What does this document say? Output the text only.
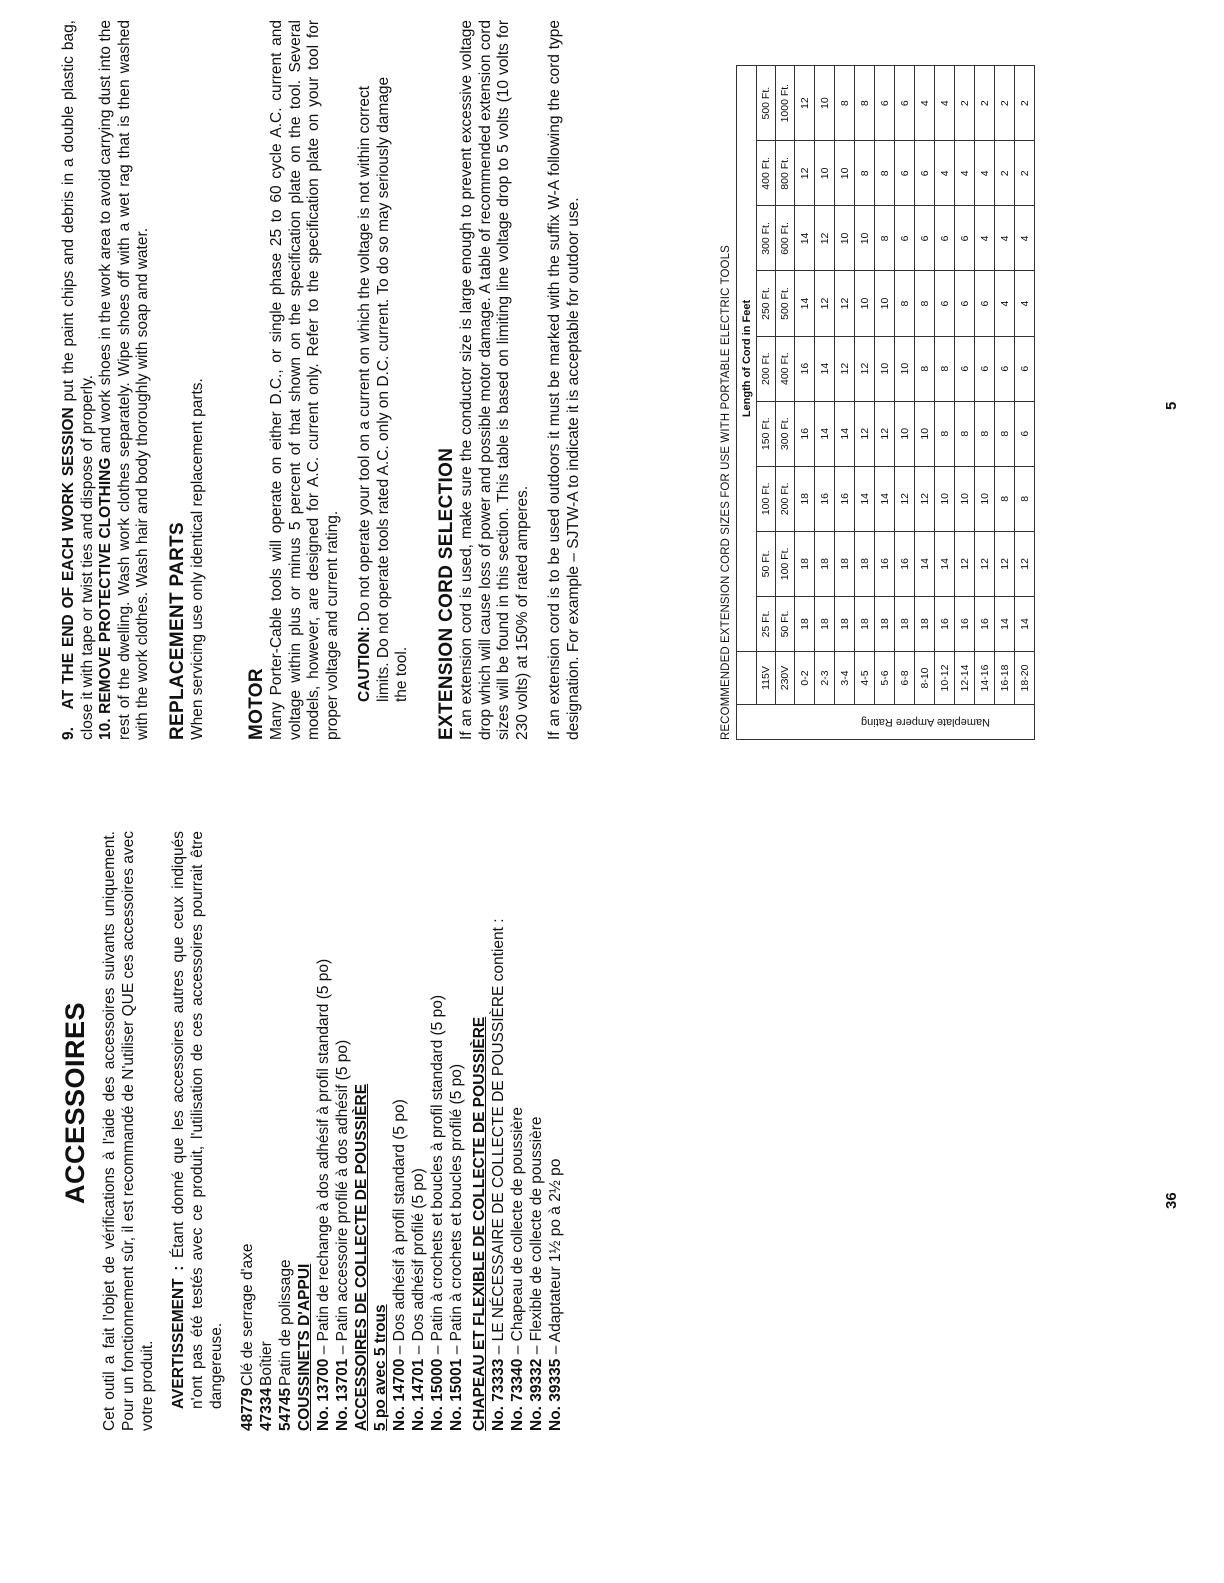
ACCESSOIRES Cet outil a fait l'objet de vérifications à l'aide des accessoires suivants uniquement. Pour un fonctionnement sûr, il est recommandé de N'utiliser QUE ces accessoires avec votre produit. AVERTISSEMENT : Étant donné que les accessoires autres que ceux indiqués n'ont pas été testés avec ce produit, l'utilisation de ces accessoires pourrait être dangereuse.

48779
Clé de serrage d'axe
47334
Boîtier
54745
Patin de polissage COUSSINETS D'APPUI No. 13700 – Patin de rechange à dos adhésif à profil standard (5 po)

No. 13701 – Patin accessoire profilé à dos adhésif (5 po) ACCESSOIRES DE COLLECTE DE POUSSIÈRE 5 po avec 5 trous No. 14700 – Dos adhésif à profil standard (5 po)

No. 14701 – Dos adhésif profilé (5 po)

No. 15000 – Patin à crochets et boucles à profil standard (5 po)

No. 15001 – Patin à crochets et boucles profilé (5 po) CHAPEAU ET FLEXIBLE DE COLLECTE DE POUSSIÈRE No. 73333 – LE NÉCESSAIRE DE COLLECTE DE POUSSIÈRE contient :

No. 73340 – Chapeau de collecte de poussière

No. 39332 – Flexible de collecte de poussière

No. 39335 – Adaptateur 1½ po à 2½ po	36

9.   AT THE END OF EACH WORK SESSION put the paint chips and debris in a double plastic bag, close it with tape or twist ties and dispose of properly. 10. REMOVE PROTECTIVE CLOTHING and work shoes in the work area to avoid carrying dust into the rest of the dwelling. Wash work clothes separately. Wipe shoes off with a wet rag that is then washed with the work clothes. Wash hair and body thoroughly with soap and water. REPLACEMENT PARTS When servicing use only identical replacement parts. MOTOR Many Porter-Cable tools will operate on either D.C., or single phase 25 to 60 cycle A.C. current and voltage within plus or minus 5 percent of that shown on the specification plate on the tool. Several models, however, are designed for A.C. current only. Refer to the specification plate on your tool for proper voltage and current rating. CAUTION: Do not operate your tool on a current on which the voltage is not within correct limits. Do not operate tools rated A.C. only on D.C. current. To do so may seriously damage the tool. EXTENSION CORD SELECTION If an extension cord is used, make sure the conductor size is large enough to prevent excessive voltage drop which will cause loss of power and possible motor damage. A table of recommended extension cord sizes will be found in this section. This table is based on limiting line voltage drop to 5 volts (10 volts for 230 volts) at 150% of rated amperes. If an extension cord is to be used outdoors it must be marked with the suffix W-A following the cord type designation. For example – SJTW-A to indicate it is acceptable for outdoor use.	RECOMMENDED EXTENSION CORD SIZES FOR USE WITH PORTABLE ELECTRIC TOOLS	Nameplate Ampere Rating
	Length of Cord in Feet								
115V	25 Ft.	50 Ft.	100 Ft.	150 Ft.	200 Ft.	250 Ft.	300 Ft.	400 Ft.	500 Ft.
230V	50 Ft.	100 Ft.	200 Ft.	300 Ft.	400 Ft.	500 Ft.	600 Ft.	800 Ft.	1000 Ft.
0-2	18	18	18	16	16	14	14	12	12
2-3	18	18	16	14	14	12	12	10	10
3-4	18	18	16	14	12	12	10	10	8
4-5	18	18	14	12	12	10	10	8	8
5-6	18	16	14	12	10	10	8	8	6
6-8	18	16	12	10	10	8	6	6	6
8-10	18	14	12	10	8	8	6	6	4
10-12	16	14	10	8	8	6	6	4	4
12-14	16	12	10	8	6	6	6	4	2
14-16	16	12	10	8	6	6	4	4	2
16-18	14	12	8	8	6	4	4	2	2
18-20	14	12	8	6	6	4	4	2	2
5
